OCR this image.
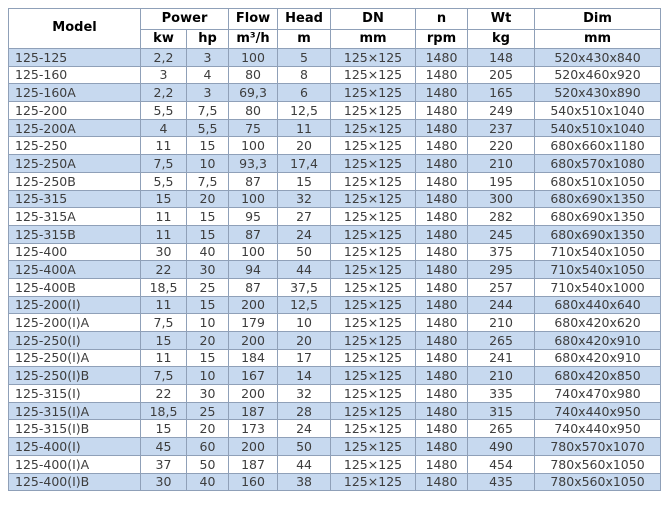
Model	Power		Flow	Head	DN	n	Wt	Dim
	kw	hp	m³/h	m	mm	rpm	kg	mm
125-125	2,2	3	100	5	125×125	1480	148	520x430x840
125-160	3	4	80	8	125×125	1480	205	520x460x920
125-160A	2,2	3	69,3	6	125×125	1480	165	520x430x890
125-200	5,5	7,5	80	12,5	125×125	1480	249	540x510x1040
125-200A	4	5,5	75	11	125×125	1480	237	540x510x1040
125-250	11	15	100	20	125×125	1480	220	680x660x1180
125-250A	7,5	10	93,3	17,4	125×125	1480	210	680x570x1080
125-250B	5,5	7,5	87	15	125×125	1480	195	680x510x1050
125-315	15	20	100	32	125×125	1480	300	680x690x1350
125-315A	11	15	95	27	125×125	1480	282	680x690x1350
125-315B	11	15	87	24	125×125	1480	245	680x690x1350
125-400	30	40	100	50	125×125	1480	375	710x540x1050
125-400A	22	30	94	44	125×125	1480	295	710x540x1050
125-400B	18,5	25	87	37,5	125×125	1480	257	710x540x1000
125-200(I)	11	15	200	12,5	125×125	1480	244	680x440x640
125-200(I)A	7,5	10	179	10	125×125	1480	210	680x420x620
125-250(I)	15	20	200	20	125×125	1480	265	680x420x910
125-250(I)A	11	15	184	17	125×125	1480	241	680x420x910
125-250(I)B	7,5	10	167	14	125×125	1480	210	680x420x850
125-315(I)	22	30	200	32	125×125	1480	335	740x470x980
125-315(I)A	18,5	25	187	28	125×125	1480	315	740x440x950
125-315(I)B	15	20	173	24	125×125	1480	265	740x440x950
125-400(I)	45	60	200	50	125×125	1480	490	780x570x1070
125-400(I)A	37	50	187	44	125×125	1480	454	780x560x1050
125-400(I)B	30	40	160	38	125×125	1480	435	780x560x1050
